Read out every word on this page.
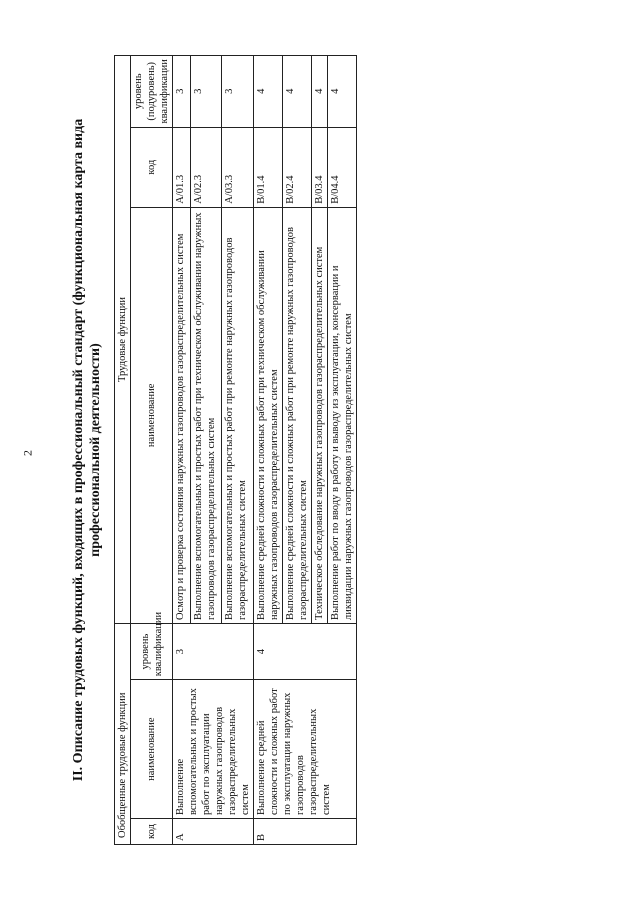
2	II. Описание трудовых функций, входящих в профессиональный стандарт (функциональная карта вида профессиональной деятельности)
Обобщенные трудовые функции			Трудовые функции		
код	наименование	уровень квалификации	наименование	код	уровень (подуровень) квалификации
А	Выполнение вспомогательных и простых работ по эксплуатации наружных газопроводов газораспределительных систем	3	Осмотр и проверка состояния наружных газопроводов газораспределительных систем	А/01.3	3
			Выполнение вспомогательных и простых работ при техническом обслуживании наружных газопроводов газораспределительных систем	А/02.3	3
			Выполнение вспомогательных и простых работ при ремонте наружных газопроводов газораспределительных систем	А/03.3	3
В	Выполнение средней сложности и сложных работ по эксплуатации наружных газопроводов газораспределительных систем	4	Выполнение средней сложности и сложных работ при техническом обслуживании наружных газопроводов газораспределительных систем	В/01.4	4
			Выполнение средней сложности и сложных работ при ремонте наружных газопроводов газораспределительных систем	В/02.4	4
			Техническое обследование наружных газопроводов газораспределительных систем	В/03.4	4
			Выполнение работ по вводу в работу и выводу из эксплуатации, консервации и ликвидации наружных газопроводов газораспределительных систем	В/04.4	4
